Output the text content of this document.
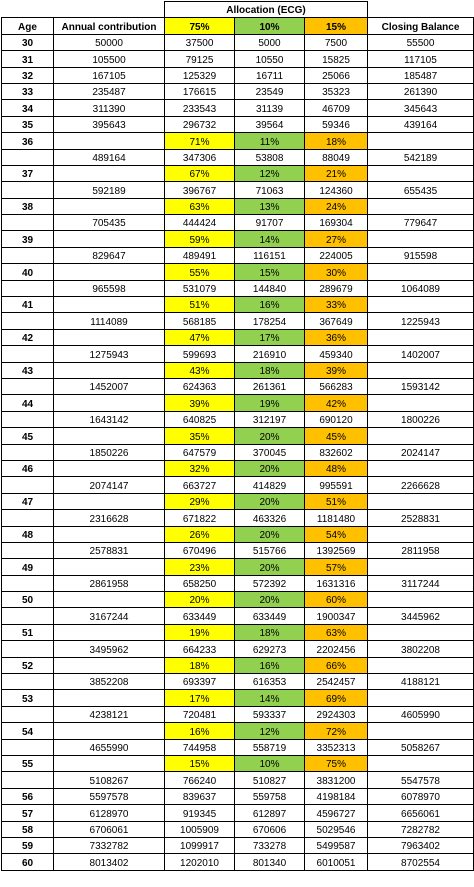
		Allocation (ECG)			
Age	Annual contribution	75%	10%	15%	Closing Balance
30	50000	37500	5000	7500	55500
31	105500	79125	10550	15825	117105
32	167105	125329	16711	25066	185487
33	235487	176615	23549	35323	261390
34	311390	233543	31139	46709	345643
35	395643	296732	39564	59346	439164
36		71%	11%	18%	
	489164	347306	53808	88049	542189
37		67%	12%	21%	
	592189	396767	71063	124360	655435
38		63%	13%	24%	
	705435	444424	91707	169304	779647
39		59%	14%	27%	
	829647	489491	116151	224005	915598
40		55%	15%	30%	
	965598	531079	144840	289679	1064089
41		51%	16%	33%	
	1114089	568185	178254	367649	1225943
42		47%	17%	36%	
	1275943	599693	216910	459340	1402007
43		43%	18%	39%	
	1452007	624363	261361	566283	1593142
44		39%	19%	42%	
	1643142	640825	312197	690120	1800226
45		35%	20%	45%	
	1850226	647579	370045	832602	2024147
46		32%	20%	48%	
	2074147	663727	414829	995591	2266628
47		29%	20%	51%	
	2316628	671822	463326	1181480	2528831
48		26%	20%	54%	
	2578831	670496	515766	1392569	2811958
49		23%	20%	57%	
	2861958	658250	572392	1631316	3117244
50		20%	20%	60%	
	3167244	633449	633449	1900347	3445962
51		19%	18%	63%	
	3495962	664233	629273	2202456	3802208
52		18%	16%	66%	
	3852208	693397	616353	2542457	4188121
53		17%	14%	69%	
	4238121	720481	593337	2924303	4605990
54		16%	12%	72%	
	4655990	744958	558719	3352313	5058267
55		15%	10%	75%	
	5108267	766240	510827	3831200	5547578
56	5597578	839637	559758	4198184	6078970
57	6128970	919345	612897	4596727	6656061
58	6706061	1005909	670606	5029546	7282782
59	7332782	1099917	733278	5499587	7963402
60	8013402	1202010	801340	6010051	8702554
